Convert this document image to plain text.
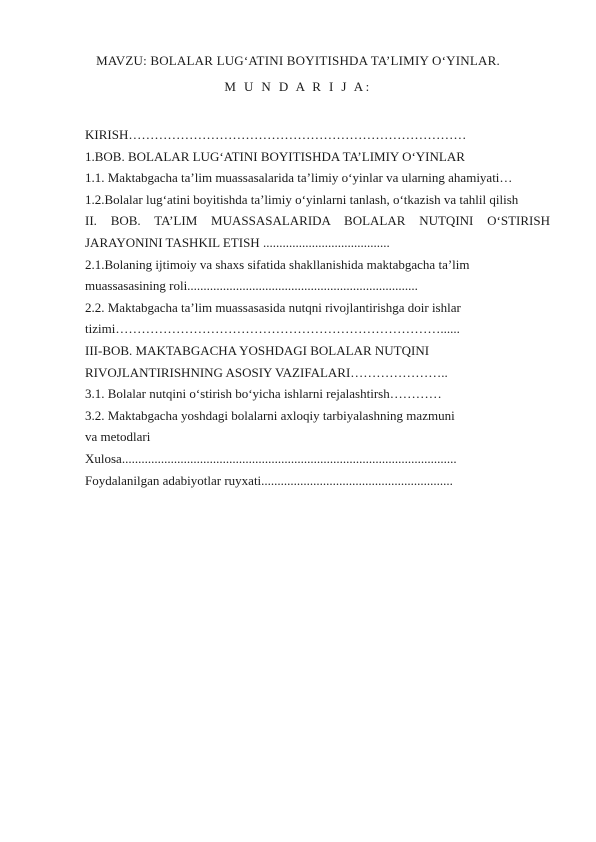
MAVZU: BOLALAR LUG‘ATINI BOYITISHDA TA’LIMIY O‘YINLAR.
M U N D A R I J A:
KIRISH……………………………………………………………………
1.BOB. BOLALAR LUG‘ATINI BOYITISHDA TA’LIMIY O‘YINLAR
1.1. Maktabgacha ta’lim muassasalarida ta’limiy o‘yinlar va ularning ahamiyati…
1.2.Bolalar lug‘atini boyitishda ta’limiy o‘yinlarni tanlash, o‘tkazish va tahlil qilish
II. BOB. TA’LIM MUASSASALARIDA BOLALAR NUTQINI O‘STIRISH
JARAYONINI TASHKIL ETISH .......................................
2.1.Bolaning ijtimoiy va shaxs sifatida shakllanishida maktabgacha ta’lim
muassasasining roli.......................................................................
2.2. Maktabgacha ta’lim muassasasida nutqni rivojlantirishga doir ishlar
tizimi…………………………………………………………………......
III-BOB. MAKTABGACHA YOSHDAGI BOLALAR NUTQINI
RIVOJLANTIRISHNING ASOSIY VAZIFALARI…………………..
3.1. Bolalar nutqini o‘stirish bo‘yicha ishlarni rejalashtirsh…………
3.2. Maktabgacha yoshdagi bolalarni axloqiy tarbiyalashning mazmuni
va metodlari
Xulosa.......................................................................................................
Foydalanilgan adabiyotlar ruyxati...........................................................
